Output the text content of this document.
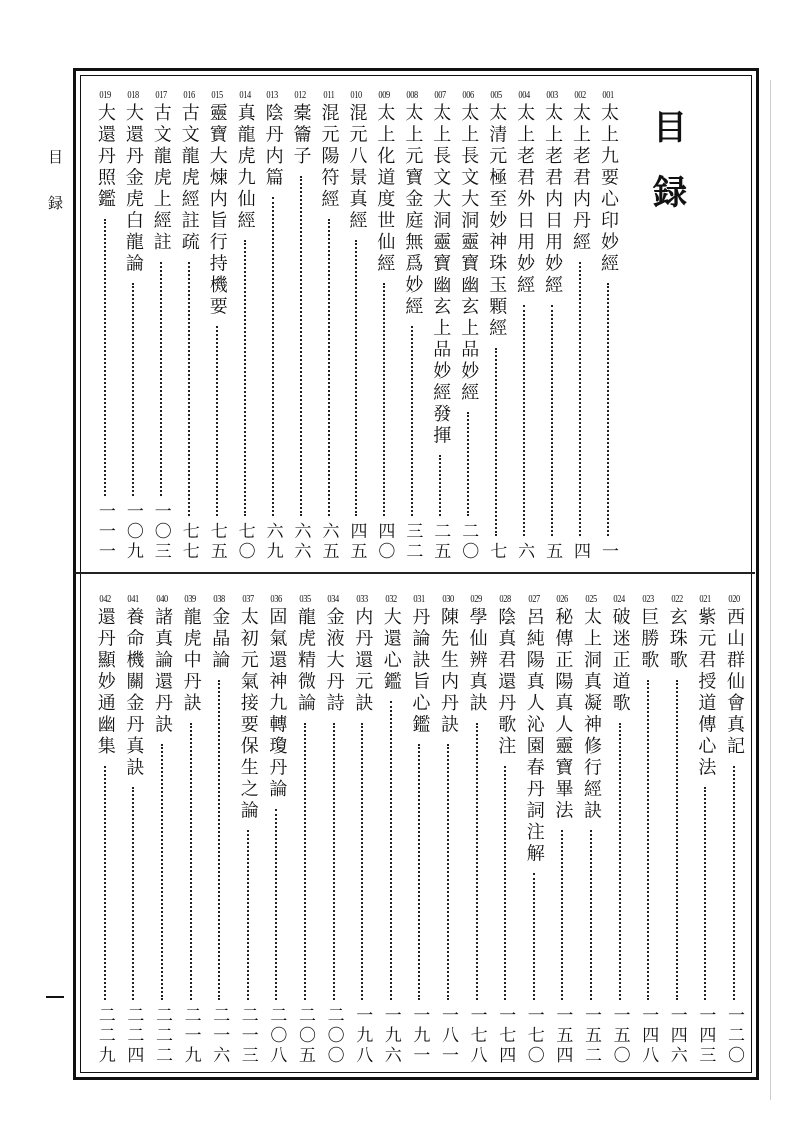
目
録
目
録
001
太上九要心印妙經
一
002
太上老君内丹經
四
003
太上老君内日用妙經
五
004
太上老君外日用妙經
六
005
太清元極至妙神珠玉顆經
七
006
太上長文大洞靈寶幽玄上品妙經
二〇
007
太上長文大洞靈寶幽玄上品妙經發揮
二五
008
太上元寶金庭無爲妙經
三二
009
太上化道度世仙經
四〇
010
混元八景真經
四五
011
混元陽符經
六五
012
橐籥子
六六
013
陰丹内篇
六九
014
真龍虎九仙經
七〇
015
靈寶大煉内旨行持機要
七五
016
古文龍虎經註疏
七七
017
古文龍虎上經註
一〇三
018
大還丹金虎白龍論
一〇九
019
大還丹照鑑
一一一
020
西山群仙會真記
一二〇
021
紫元君授道傳心法
一四三
022
玄珠歌
一四六
023
巨勝歌
一四八
024
破迷正道歌
一五〇
025
太上洞真凝神修行經訣
一五二
026
秘傳正陽真人靈寶畢法
一五四
027
呂純陽真人沁園春丹詞注解
一七〇
028
陰真君還丹歌注
一七四
029
學仙辨真訣
一七八
030
陳先生内丹訣
一八一
031
丹論訣旨心鑑
一九一
032
大還心鑑
一九六
033
内丹還元訣
一九八
034
金液大丹詩
二〇〇
035
龍虎精微論
二〇五
036
固氣還神九轉瓊丹論
二〇八
037
太初元氣接要保生之論
二一三
038
金晶論
二一六
039
龍虎中丹訣
二一九
040
諸真論還丹訣
二二二
041
養命機關金丹真訣
二二四
042
還丹顯妙通幽集
二二九
